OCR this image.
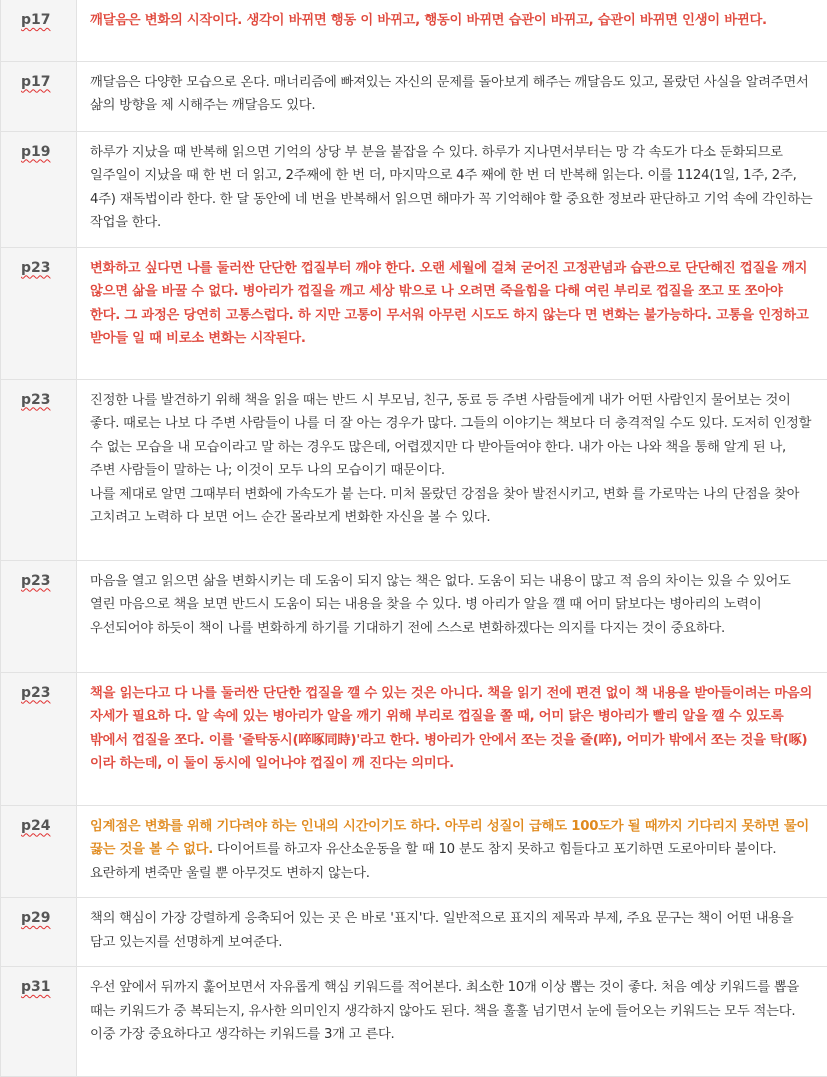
p17	깨달음은 변화의 시작이다. 생각이 바뀌면 행동 이 바뀌고, 행동이 바뀌면 습관이 바뀌고, 습관이 바뀌면 인생이 바뀐다.

p17	깨달음은 다양한 모습으로 온다. 매너리즘에 빠져있는 자신의 문제를 돌아보게 해주는 깨달음도 있고, 몰랐던 사실을 알려주면서 삶의 방향을 제 시해주는 깨달음도 있다.

p19	하루가 지났을 때 반복해 읽으면 기억의 상당 부 분을 붙잡을 수 있다. 하루가 지나면서부터는 망 각 속도가 다소 둔화되므로 일주일이 지났을 때 한 번 더 읽고, 2주째에 한 번 더, 마지막으로 4주 째에 한 번 더 반복해 읽는다. 이를 1124(1일, 1주, 2주, 4주) 재독법이라 한다. 한 달 동안에 네 번을 반복해서 읽으면 해마가 꼭 기억해야 할 중요한 정보라 판단하고 기억 속에 각인하는 작업을 한다.

p23	변화하고 싶다면 나를 둘러싼 단단한 껍질부터 깨야 한다. 오랜 세월에 걸쳐 굳어진 고정관념과 습관으로 단단해진 껍질을 깨지 않으면 삶을 바꿀 수 없다. 병아리가 껍질을 깨고 세상 밖으로 나 오려면 죽을힘을 다해 여린 부리로 껍질을 쪼고 또 쪼아야 한다. 그 과정은 당연히 고통스럽다. 하 지만 고통이 무서워 아무런 시도도 하지 않는다 면 변화는 불가능하다. 고통을 인정하고 받아들 일 때 비로소 변화는 시작된다.

p23	진정한 나를 발견하기 위해 책을 읽을 때는 반드 시 부모님, 친구, 동료 등 주변 사람들에게 내가 어떤 사람인지 물어보는 것이 좋다. 때로는 나보 다 주변 사람들이 나를 더 잘 아는 경우가 많다. 그들의 이야기는 책보다 더 충격적일 수도 있다. 도저히 인정할 수 없는 모습을 내 모습이라고 말 하는 경우도 많은데, 어렵겠지만 다 받아들여야 한다. 내가 아는 나와 책을 통해 알게 된 나, 주변 사람들이 말하는 나; 이것이 모두 나의 모습이기 때문이다.

나를 제대로 알면 그때부터 변화에 가속도가 붙 는다. 미처 몰랐던 강점을 찾아 발전시키고, 변화 를 가로막는 나의 단점을 찾아 고치려고 노력하 다 보면 어느 순간 몰라보게 변화한 자신을 볼 수 있다.

p23	마음을 열고 읽으면 삶을 변화시키는 데 도움이 되지 않는 책은 없다. 도움이 되는 내용이 많고 적 음의 차이는 있을 수 있어도 열린 마음으로 책을 보면 반드시 도움이 되는 내용을 찾을 수 있다. 병 아리가 알을 깰 때 어미 닭보다는 병아리의 노력이 우선되어야 하듯이 책이 나를 변화하게 하기를 기대하기 전에 스스로 변화하겠다는 의지를 다지는 것이 중요하다.

p23	책을 읽는다고 다 나를 둘러싼 단단한 껍질을 깰 수 있는 것은 아니다. 책을 읽기 전에 편견 없이 책 내용을 받아들이려는 마음의 자세가 필요하 다. 알 속에 있는 병아리가 알을 깨기 위해 부리로 껍질을 쫄 때, 어미 닭은 병아리가 빨리 알을 깰 수 있도록 밖에서 껍질을 쪼다. 이를 '줄탁동시(啐啄同時)'라고 한다. 병아리가 안에서 쪼는 것을 줄(啐), 어미가 밖에서 쪼는 것을 탁(啄)이라 하는데, 이 둘이 동시에 일어나야 껍질이 깨 진다는 의미다.

p24	임계점은 변화를 위해 기다려야 하는 인내의 시간이기도 하다. 아무리 성질이 급해도 100도가 될 때까지 기다리지 못하면 물이 끓는 것을 볼 수 없다. 다이어트를 하고자 유산소운동을 할 때 10 분도 참지 못하고 힘들다고 포기하면 도로아미타 불이다. 요란하게 변죽만 울릴 뿐 아무것도 변하지 않는다.

p29	책의 핵심이 가장 강렬하게 응축되어 있는 곳 은 바로 '표지'다. 일반적으로 표지의 제목과 부제, 주요 문구는 책이 어떤 내용을 담고 있는지를 선명하게 보여준다.

p31	우선 앞에서 뒤까지 훑어보면서 자유롭게 핵심 키워드를 적어본다. 최소한 10개 이상 뽑는 것이 좋다. 처음 예상 키워드를 뽑을 때는 키워드가 중 복되는지, 유사한 의미인지 생각하지 않아도 된다. 책을 훌훌 넘기면서 눈에 들어오는 키워드는 모두 적는다.

이중 가장 중요하다고 생각하는 키워드를 3개 고 른다.
